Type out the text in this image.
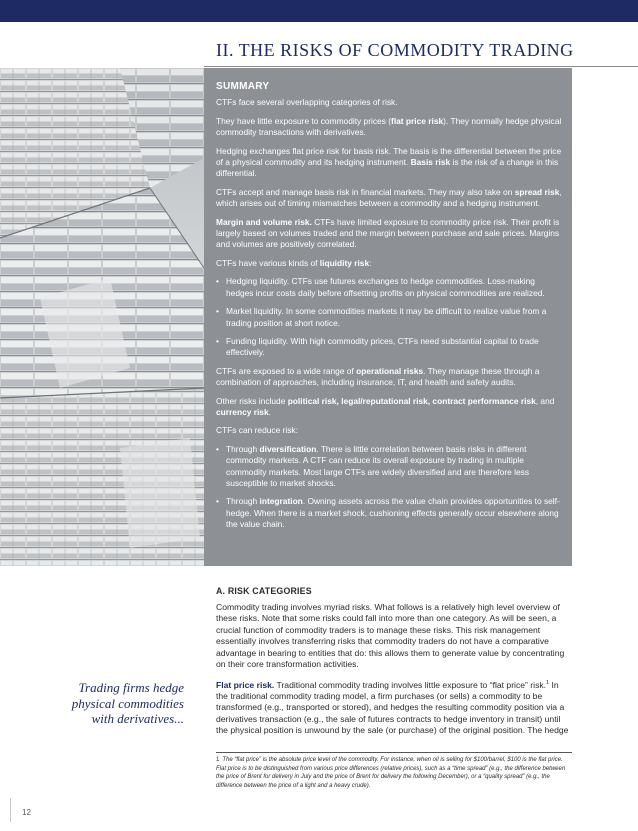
II. THE RISKS OF COMMODITY TRADING
SUMMARY

CTFs face several overlapping categories of risk.

They have little exposure to commodity prices (flat price risk). They normally hedge physical commodity transactions with derivatives.

Hedging exchanges flat price risk for basis risk. The basis is the differential between the price of a physical commodity and its hedging instrument. Basis risk is the risk of a change in this differential.

CTFs accept and manage basis risk in financial markets. They may also take on spread risk, which arises out of timing mismatches between a commodity and a hedging instrument.

Margin and volume risk. CTFs have limited exposure to commodity price risk. Their profit is largely based on volumes traded and the margin between purchase and sale prices. Margins and volumes are positively correlated.

CTFs have various kinds of liquidity risk:

• Hedging liquidity. CTFs use futures exchanges to hedge commodities. Loss-making hedges incur costs daily before offsetting profits on physical commodities are realized.
• Market liquidity. In some commodities markets it may be difficult to realize value from a trading position at short notice.
• Funding liquidity. With high commodity prices, CTFs need substantial capital to trade effectively.

CTFs are exposed to a wide range of operational risks. They manage these through a combination of approaches, including insurance, IT, and health and safety audits.

Other risks include political risk, legal/reputational risk, contract performance risk, and currency risk.

CTFs can reduce risk:

• Through diversification. There is little correlation between basis risks in different commodity markets. A CTF can reduce its overall exposure by trading in multiple commodity markets. Most large CTFs are widely diversified and are therefore less susceptible to market shocks.
• Through integration. Owning assets across the value chain provides opportunities to self-hedge. When there is a market shock, cushioning effects generally occur elsewhere along the value chain.
A. RISK CATEGORIES

Commodity trading involves myriad risks. What follows is a relatively high level overview of these risks. Note that some risks could fall into more than one category. As will be seen, a crucial function of commodity traders is to manage these risks. This risk management essentially involves transferring risks that commodity traders do not have a comparative advantage in bearing to entities that do: this allows them to generate value by concentrating on their core transformation activities.

Flat price risk. Traditional commodity trading involves little exposure to “flat price” risk.$^1$ In the traditional commodity trading model, a firm purchases (or sells) a commodity to be transformed (e.g., transported or stored), and hedges the resulting commodity position via a derivatives transaction (e.g., the sale of futures contracts to hedge inventory in transit) until the physical position is unwound by the sale (or purchase) of the original position. The hedge

Trading firms hedge physical commodities with derivatives...
1 The “flat price” is the absolute price level of the commodity. For instance, when oil is selling for $100/barrel, $100 is the flat price. Flat price is to be distinguished from various price differences (relative prices), such as a “time spread” (e.g., the difference between the price of Brent for delivery in July and the price of Brent for delivery the following December), or a “quality spread” (e.g., the difference between the price of a light and a heavy crude).
12
